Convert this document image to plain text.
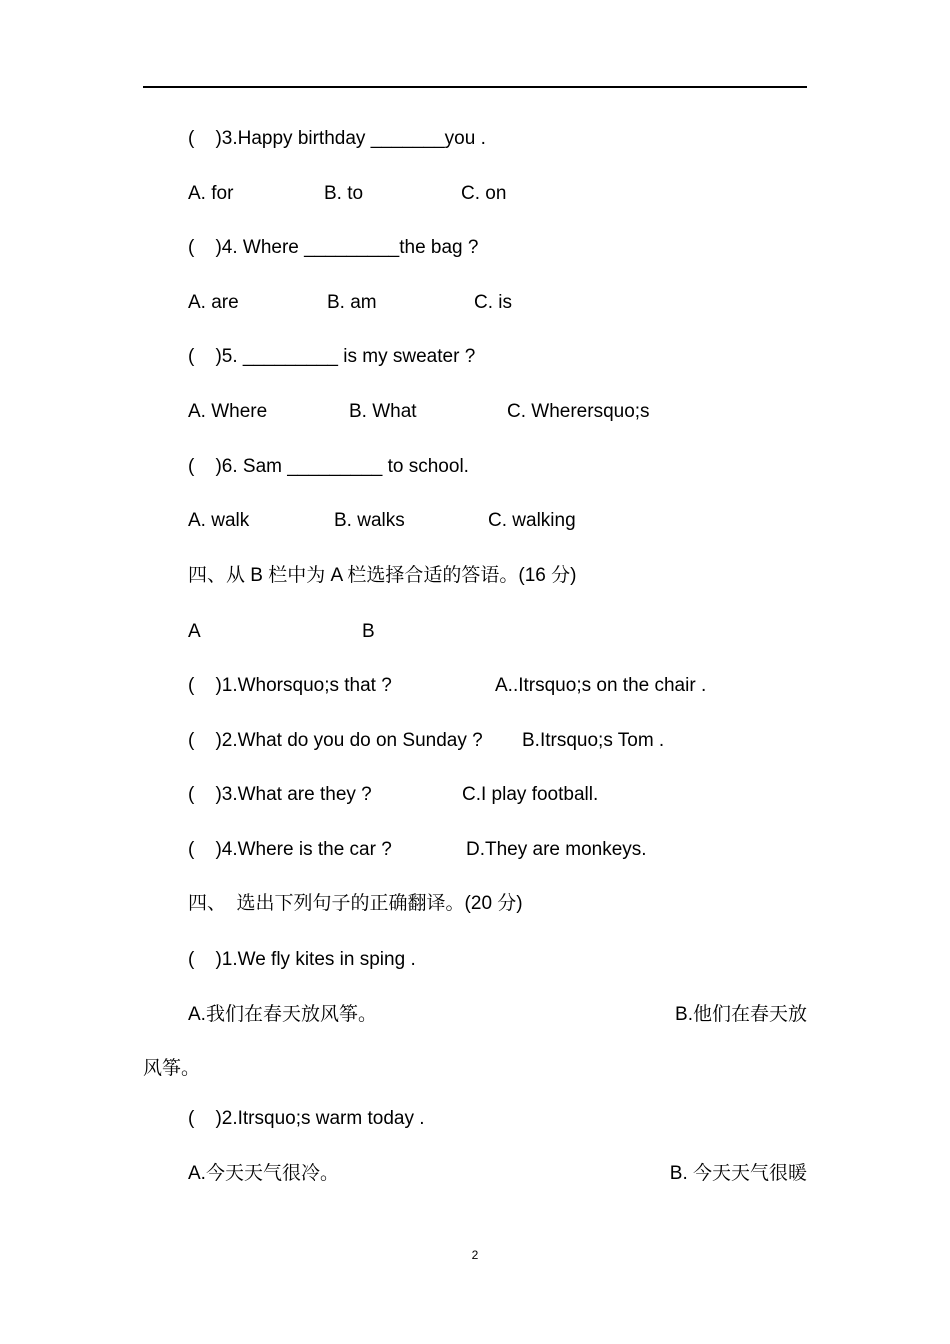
(    )3.Happy birthday _______you .
A. for	B. to	C. on
(    )4. Where _________the bag ?
A. are	B. am	C. is
(    )5. _________ is my sweater ?
A. Where	B. What	C. Wherersquo;s
(    )6. Sam _________ to school.
A. walk	B. walks	C. walking
四、从 B 栏中为 A 栏选择合适的答语。(16 分)
A	B
(    )1.Whorsquo;s that ?	A..Itrsquo;s on the chair .
(    )2.What do you do on Sunday ? B.Itrsquo;s Tom .
(    )3.What are they ?	C.I play football.
(    )4.Where is the car ?	D.They are monkeys.
四、  选出下列句子的正确翻译。(20 分)
(    )1.We fly kites in sping .
A.我们在春天放风筝。	B.他们在春天放
风筝。
(    )2.Itrsquo;s warm today .
A.今天天气很冷。	B. 今天天气很暖
2
